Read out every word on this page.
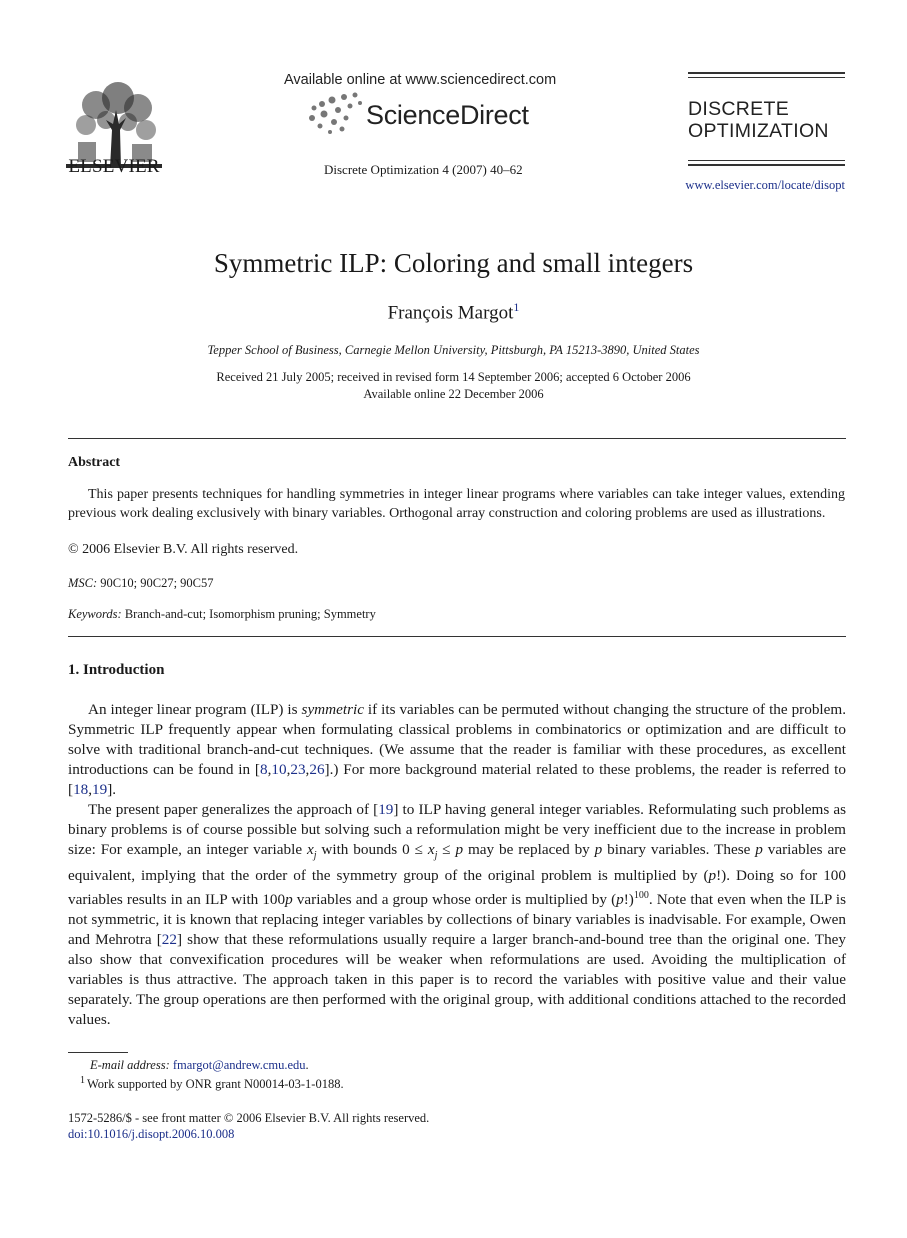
ELSEVIER
Available online at www.sciencedirect.com
ScienceDirect
Discrete Optimization 4 (2007) 40–62
DISCRETE
OPTIMIZATION
www.elsevier.com/locate/disopt
Symmetric ILP: Coloring and small integers
François Margot$^1$
Tepper School of Business, Carnegie Mellon University, Pittsburgh, PA 15213-3890, United States
Received 21 July 2005; received in revised form 14 September 2006; accepted 6 October 2006
Available online 22 December 2006
Abstract
This paper presents techniques for handling symmetries in integer linear programs where variables can take integer values, extending previous work dealing exclusively with binary variables. Orthogonal array construction and coloring problems are used as illustrations.
© 2006 Elsevier B.V. All rights reserved.
MSC: 90C10; 90C27; 90C57
Keywords: Branch-and-cut; Isomorphism pruning; Symmetry
1. Introduction

An integer linear program (ILP) is symmetric if its variables can be permuted without changing the structure of the problem. Symmetric ILP frequently appear when formulating classical problems in combinatorics or optimization and are difficult to solve with traditional branch-and-cut techniques. (We assume that the reader is familiar with these procedures, as excellent introductions can be found in [8,10,23,26].) For more background material related to these problems, the reader is referred to [18,19].

The present paper generalizes the approach of [19] to ILP having general integer variables. Reformulating such problems as binary problems is of course possible but solving such a reformulation might be very inefficient due to the increase in problem size: For example, an integer variable $x_j$ with bounds $0 \le x_j \le p$ may be replaced by p binary variables. These p variables are equivalent, implying that the order of the symmetry group of the original problem is multiplied by (p!). Doing so for 100 variables results in an ILP with 100p variables and a group whose order is multiplied by $(p!)^{100}$. Note that even when the ILP is not symmetric, it is known that replacing integer variables by collections of binary variables is inadvisable. For example, Owen and Mehrotra [22] show that these reformulations usually require a larger branch-and-bound tree than the original one. They also show that convexification procedures will be weaker when reformulations are used. Avoiding the multiplication of variables is thus attractive. The approach taken in this paper is to record the variables with positive value and their value separately. The group operations are then performed with the original group, with additional conditions attached to the recorded values.

E-mail address: fmargot@andrew.cmu.edu.
$^1$ Work supported by ONR grant N00014-03-1-0188.
1572-5286/$ - see front matter © 2006 Elsevier B.V. All rights reserved.
doi:10.1016/j.disopt.2006.10.008
